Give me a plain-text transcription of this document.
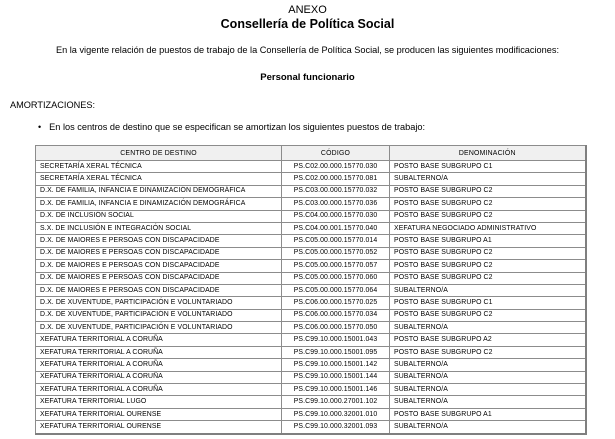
ANEXO
Consellería de Política Social
En la vigente relación de puestos de trabajo de la Consellería de Política Social, se producen las siguientes modificaciones:
Personal funcionario
AMORTIZACIONES:
• En los centros de destino que se especifican se amortizan los siguientes puestos de trabajo:
CENTRO DE DESTINO	CÓDIGO	DENOMINACIÓN
SECRETARÍA XERAL TÉCNICA	PS.C02.00.000.15770.030	POSTO BASE SUBGRUPO C1
SECRETARÍA XERAL TÉCNICA	PS.C02.00.000.15770.081	SUBALTERNO/A
D.X. DE FAMILIA, INFANCIA E DINAMIZACIÓN DEMOGRÁFICA	PS.C03.00.000.15770.032	POSTO BASE SUBGRUPO C2
D.X. DE FAMILIA, INFANCIA E DINAMIZACIÓN DEMOGRÁFICA	PS.C03.00.000.15770.036	POSTO BASE SUBGRUPO C2
D.X. DE INCLUSIÓN SOCIAL	PS.C04.00.000.15770.030	POSTO BASE SUBGRUPO C2
S.X. DE INCLUSIÓN E INTEGRACIÓN SOCIAL	PS.C04.00.001.15770.040	XEFATURA NEGOCIADO ADMINISTRATIVO
D.X. DE MAIORES E PERSOAS CON DISCAPACIDADE	PS.C05.00.000.15770.014	POSTO BASE SUBGRUPO A1
D.X. DE MAIORES E PERSOAS CON DISCAPACIDADE	PS.C05.00.000.15770.052	POSTO BASE SUBGRUPO C2
D.X. DE MAIORES E PERSOAS CON DISCAPACIDADE	PS.C05.00.000.15770.057	POSTO BASE SUBGRUPO C2
D.X. DE MAIORES E PERSOAS CON DISCAPACIDADE	PS.C05.00.000.15770.060	POSTO BASE SUBGRUPO C2
D.X. DE MAIORES E PERSOAS CON DISCAPACIDADE	PS.C05.00.000.15770.064	SUBALTERNO/A
D.X. DE XUVENTUDE, PARTICIPACIÓN E VOLUNTARIADO	PS.C06.00.000.15770.025	POSTO BASE SUBGRUPO C1
D.X. DE XUVENTUDE, PARTICIPACIÓN E VOLUNTARIADO	PS.C06.00.000.15770.034	POSTO BASE SUBGRUPO C2
D.X. DE XUVENTUDE, PARTICIPACIÓN E VOLUNTARIADO	PS.C06.00.000.15770.050	SUBALTERNO/A
XEFATURA TERRITORIAL A CORUÑA	PS.C99.10.000.15001.043	POSTO BASE SUBGRUPO A2
XEFATURA TERRITORIAL A CORUÑA	PS.C99.10.000.15001.095	POSTO BASE SUBGRUPO C2
XEFATURA TERRITORIAL A CORUÑA	PS.C99.10.000.15001.142	SUBALTERNO/A
XEFATURA TERRITORIAL A CORUÑA	PS.C99.10.000.15001.144	SUBALTERNO/A
XEFATURA TERRITORIAL A CORUÑA	PS.C99.10.000.15001.146	SUBALTERNO/A
XEFATURA TERRITORIAL LUGO	PS.C99.10.000.27001.102	SUBALTERNO/A
XEFATURA TERRITORIAL OURENSE	PS.C99.10.000.32001.010	POSTO BASE SUBGRUPO A1
XEFATURA TERRITORIAL OURENSE	PS.C99.10.000.32001.093	SUBALTERNO/A
